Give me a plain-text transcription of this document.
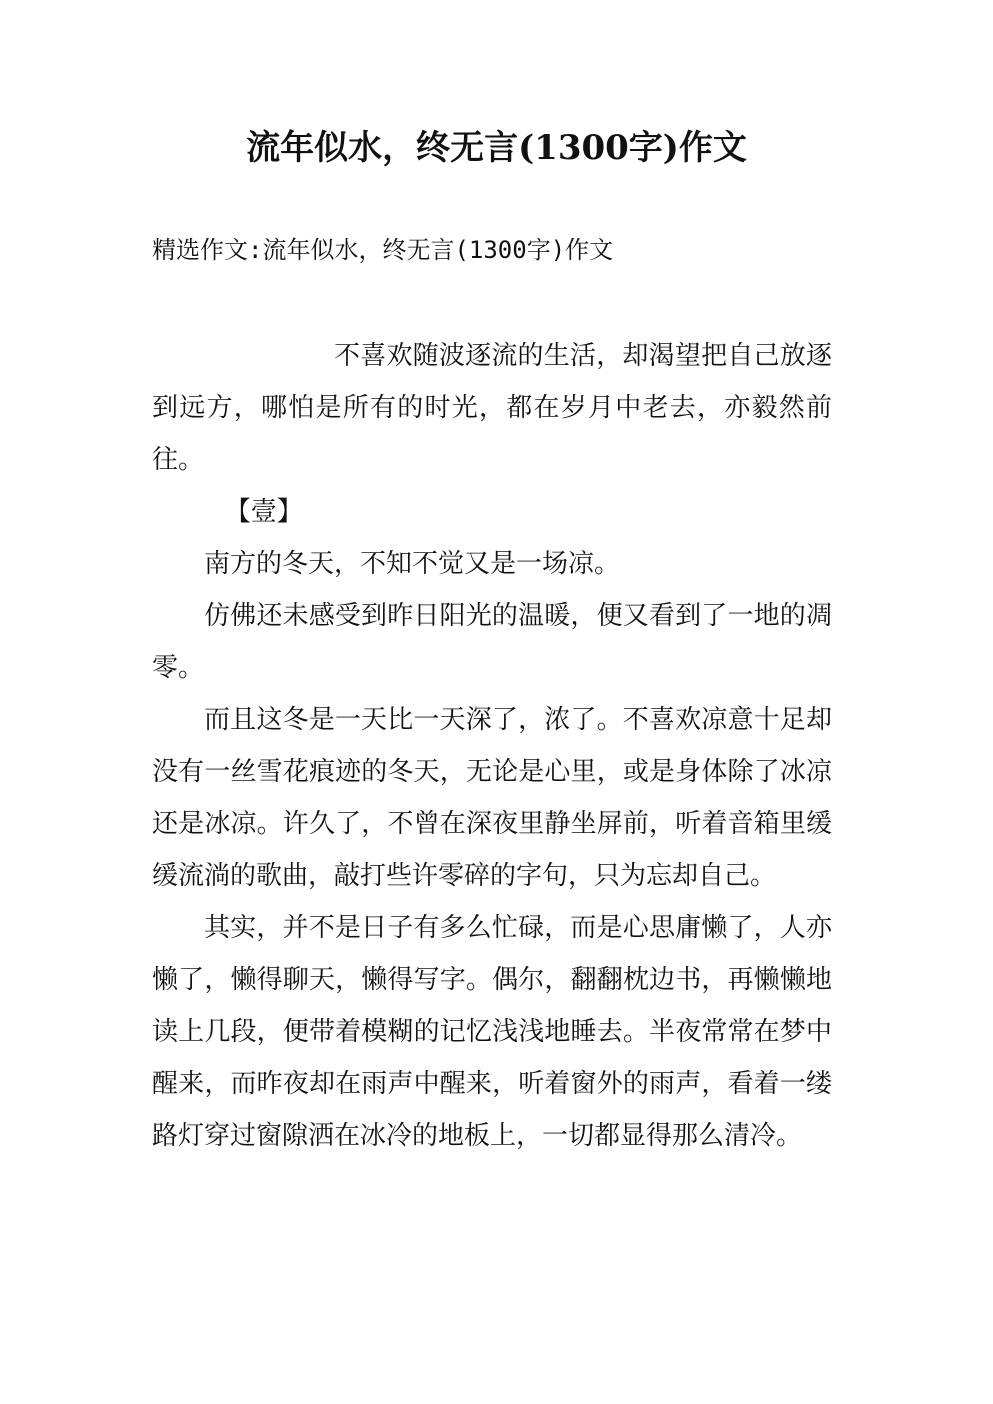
流年似水，终无言(1300字)作文

精选作文:流年似水，终无言(1300字)作文

不喜欢随波逐流的生活，却渴望把自己放逐到远方，哪怕是所有的时光，都在岁月中老去，亦毅然前往。

【壹】

南方的冬天，不知不觉又是一场凉。

仿佛还未感受到昨日阳光的温暖，便又看到了一地的凋零。

而且这冬是一天比一天深了，浓了。不喜欢凉意十足却没有一丝雪花痕迹的冬天，无论是心里，或是身体除了冰凉还是冰凉。许久了，不曾在深夜里静坐屏前，听着音箱里缓缓流淌的歌曲，敲打些许零碎的字句，只为忘却自己。

其实，并不是日子有多么忙碌，而是心思庸懒了，人亦懒了，懒得聊天，懒得写字。偶尔，翻翻枕边书，再懒懒地读上几段，便带着模糊的记忆浅浅地睡去。半夜常常在梦中醒来，而昨夜却在雨声中醒来，听着窗外的雨声，看着一缕路灯穿过窗隙洒在冰冷的地板上，一切都显得那么清冷。
